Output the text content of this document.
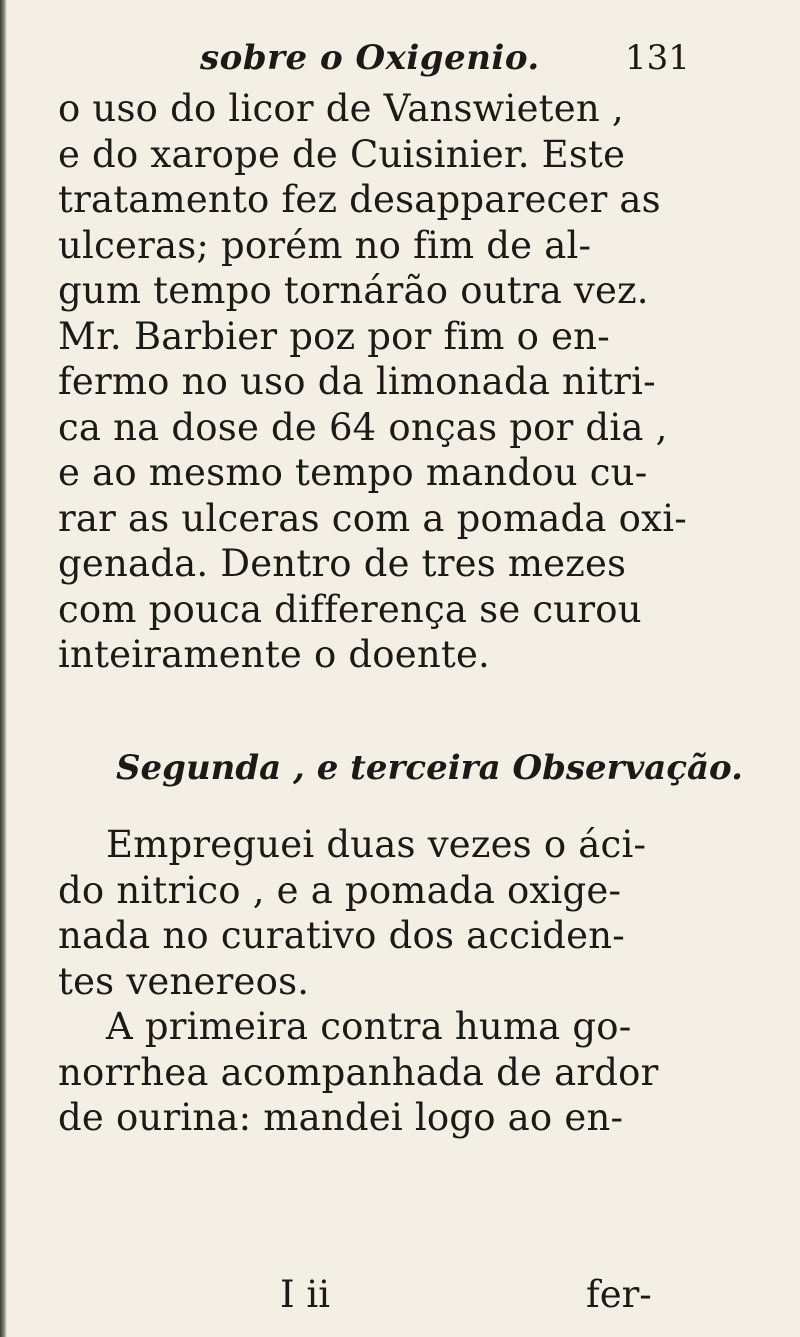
sobre o Oxigenio.	131
o uso do licor de Vanswieten ,
e do xarope de Cuisinier. Este
tratamento fez desapparecer as
ulceras; porém no fim de al-
gum tempo tornárão outra vez.
Mr. Barbier poz por fim o en-
fermo no uso da limonada nitri-
ca na dose de 64 onças por dia ,
e ao mesmo tempo mandou cu-
rar as ulceras com a pomada oxi-
genada. Dentro de tres mezes
com pouca differença se curou
inteiramente o doente.
Segunda , e terceira Observação.
Empreguei duas vezes o áci-
do nitrico , e a pomada oxige-
nada no curativo dos acciden-
tes venereos.
A primeira contra huma go-
norrhea acompanhada de ardor
de ourina: mandei logo ao en-
I ii	fer-
